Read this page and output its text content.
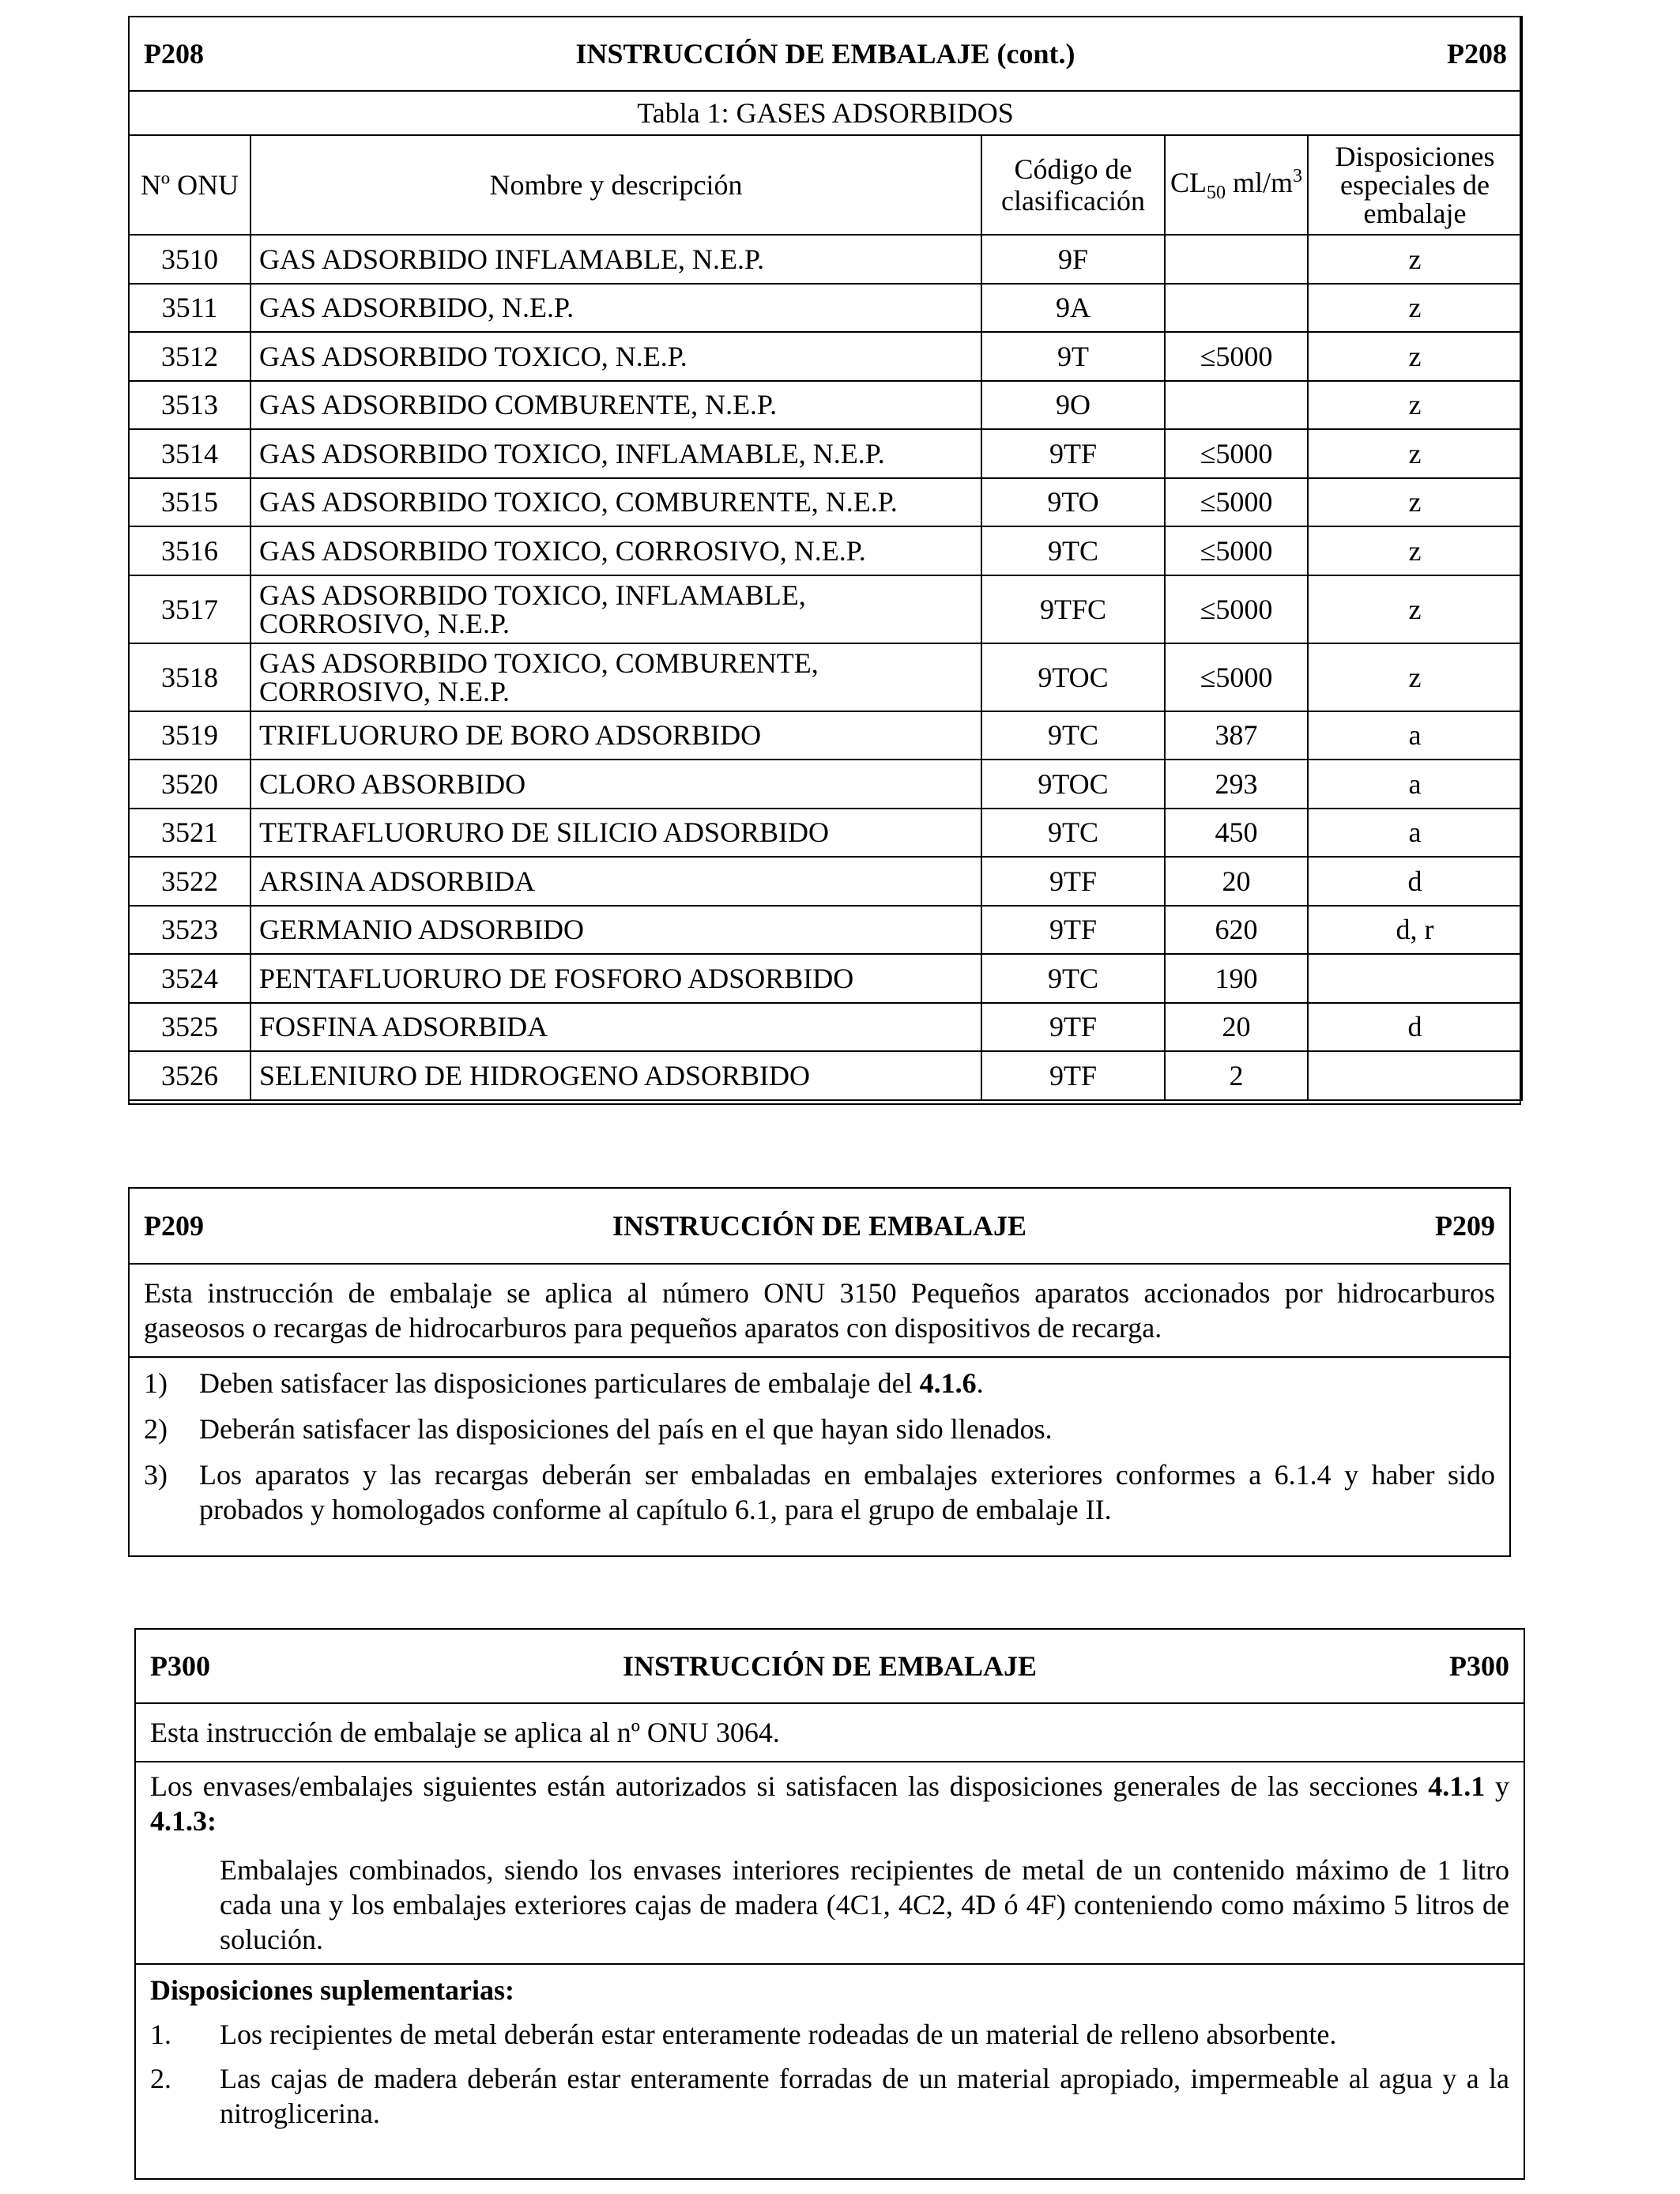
P208 INSTRUCCIÓN DE EMBALAJE (cont.) P208				

Tabla 1: GASES ADSORBIDOS				
Nº ONU	Nombre y descripción	Código de clasificación	$CL_{50}$ $ml/m^3$	Disposiciones especiales de embalaje
3510	GAS ADSORBIDO INFLAMABLE, N.E.P.	9F		z
3511	GAS ADSORBIDO, N.E.P.	9A		z
3512	GAS ADSORBIDO TOXICO, N.E.P.	9T	≤5000	z
3513	GAS ADSORBIDO COMBURENTE, N.E.P.	9O		z
3514	GAS ADSORBIDO TOXICO, INFLAMABLE, N.E.P.	9TF	≤5000	z
3515	GAS ADSORBIDO TOXICO, COMBURENTE, N.E.P.	9TO	≤5000	z
3516	GAS ADSORBIDO TOXICO, CORROSIVO, N.E.P.	9TC	≤5000	z
3517	GAS ADSORBIDO TOXICO, INFLAMABLE, CORROSIVO, N.E.P.	9TFC	≤5000	z
3518	GAS ADSORBIDO TOXICO, COMBURENTE, CORROSIVO, N.E.P.	9TOC	≤5000	z
3519	TRIFLUORURO DE BORO ADSORBIDO	9TC	387	a
3520	CLORO ABSORBIDO	9TOC	293	a
3521	TETRAFLUORURO DE SILICIO ADSORBIDO	9TC	450	a
3522	ARSINA ADSORBIDA	9TF	20	d
3523	GERMANIO ADSORBIDO	9TF	620	d, r
3524	PENTAFLUORURO DE FOSFORO ADSORBIDO	9TC	190	
3525	FOSFINA ADSORBIDA	9TF	20	d
3526	SELENIURO DE HIDROGENO ADSORBIDO	9TF	2	
P209	INSTRUCCIÓN DE EMBALAJE	P209
Esta instrucción de embalaje se aplica al número ONU 3150 Pequeños aparatos accionados por hidrocarburos gaseosos o recargas de hidrocarburos para pequeños aparatos con dispositivos de recarga.
1)	Deben satisfacer las disposiciones particulares de embalaje del 4.1.6.
2)	Deberán satisfacer las disposiciones del país en el que hayan sido llenados.
3)	Los aparatos y las recargas deberán ser embaladas en embalajes exteriores conformes a 6.1.4 y haber sido probados y homologados conforme al capítulo 6.1, para el grupo de embalaje II.
P300	INSTRUCCIÓN DE EMBALAJE	P300
Esta instrucción de embalaje se aplica al nº ONU 3064.
Los envases/embalajes siguientes están autorizados si satisfacen las disposiciones generales de las secciones 4.1.1 y 4.1.3:
Embalajes combinados, siendo los envases interiores recipientes de metal de un contenido máximo de 1 litro cada una y los embalajes exteriores cajas de madera (4C1, 4C2, 4D ó 4F) conteniendo como máximo 5 litros de solución.
Disposiciones suplementarias:
1.	Los recipientes de metal deberán estar enteramente rodeadas de un material de relleno absorbente.
2.	Las cajas de madera deberán estar enteramente forradas de un material apropiado, impermeable al agua y a la nitroglicerina.
